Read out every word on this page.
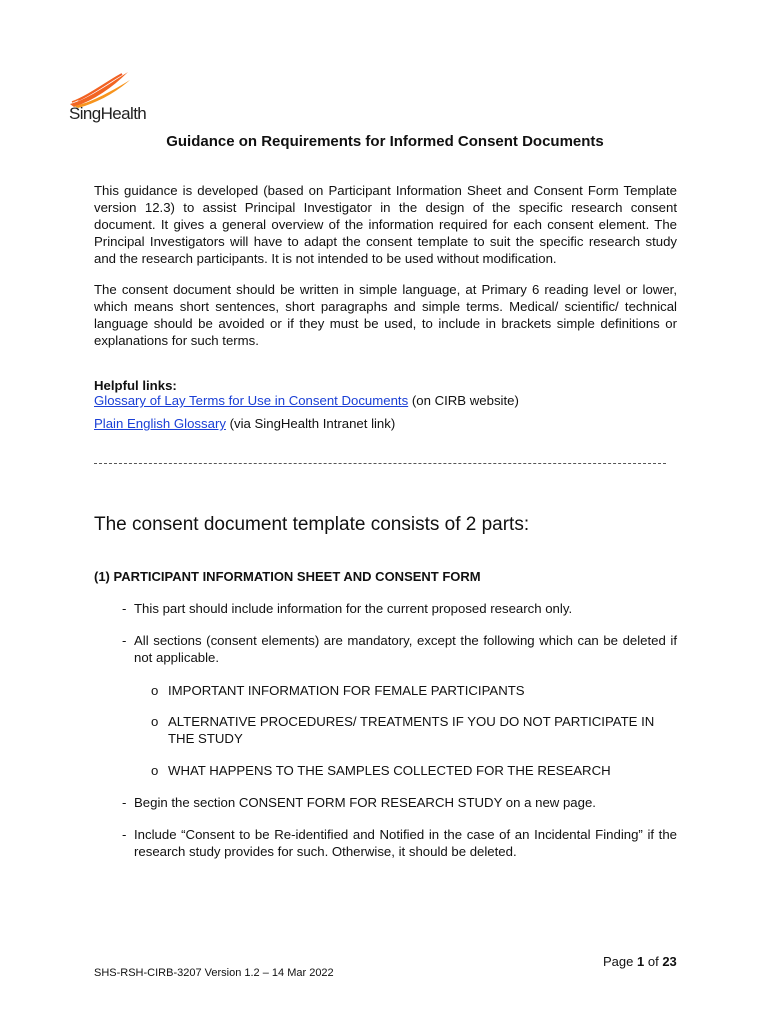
SingHealth
Guidance on Requirements for Informed Consent Documents

This guidance is developed (based on Participant Information Sheet and Consent Form Template version 12.3) to assist Principal Investigator in the design of the specific research consent document. It gives a general overview of the information required for each consent element. The Principal Investigators will have to adapt the consent template to suit the specific research study and the research participants. It is not intended to be used without modification.

The consent document should be written in simple language, at Primary 6 reading level or lower, which means short sentences, short paragraphs and simple terms. Medical/ scientific/ technical language should be avoided or if they must be used, to include in brackets simple definitions or explanations for such terms.

Helpful links:
Glossary of Lay Terms for Use in Consent Documents (on CIRB website)
Plain English Glossary (via SingHealth Intranet link)
The consent document template consists of 2 parts:
(1) PARTICIPANT INFORMATION SHEET AND CONSENT FORM
- This part should include information for the current proposed research only.
- All sections (consent elements) are mandatory, except the following which can be deleted if not applicable.
o IMPORTANT INFORMATION FOR FEMALE PARTICIPANTS
o ALTERNATIVE PROCEDURES/ TREATMENTS IF YOU DO NOT PARTICIPATE IN THE STUDY
o WHAT HAPPENS TO THE SAMPLES COLLECTED FOR THE RESEARCH
- Begin the section CONSENT FORM FOR RESEARCH STUDY on a new page.
- Include “Consent to be Re-identified and Notified in the case of an Incidental Finding” if the research study provides for such. Otherwise, it should be deleted.
Page 1 of 23
SHS-RSH-CIRB-3207 Version 1.2 – 14 Mar 2022
